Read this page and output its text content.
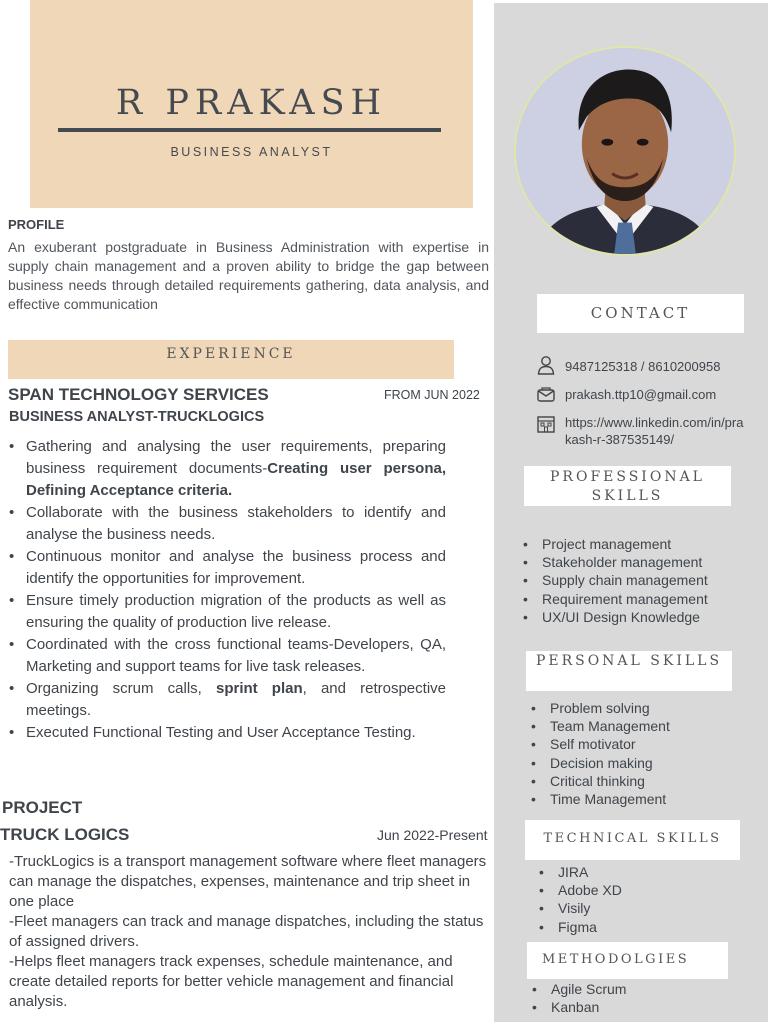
CONTACT
9487125318 / 8610200958
prakash.ttp10@gmail.com
https://www.linkedin.com/in/prakash-r-387535149/
PROFESSIONAL SKILLS
• Project management
• Stakeholder management
• Supply chain management
• Requirement management
• UX/UI Design Knowledge
PERSONAL SKILLS
• Problem solving
• Team Management
• Self motivator
• Decision making
• Critical thinking
• Time Management
TECHNICAL SKILLS
• JIRA
• Adobe XD
• Visily
• Figma
METHODOLGIES
• Agile Scrum
• Kanban
R PRAKASH
BUSINESS ANALYST
PROFILE
An exuberant postgraduate in Business Administration with expertise in supply chain management and a proven ability to bridge the gap between business needs through detailed requirements gathering, data analysis, and effective communication
EXPERIENCE
SPAN TECHNOLOGY SERVICES	FROM JUN 2022
BUSINESS ANALYST-TRUCKLOGICS
• Gathering and analysing the user requirements, preparing business requirement documents-Creating user persona, Defining Acceptance criteria.
• Collaborate with the business stakeholders to identify and analyse the business needs.
• Continuous monitor and analyse the business process and identify the opportunities for improvement.
• Ensure timely production migration of the products as well as ensuring the quality of production live release.
• Coordinated with the cross functional teams-Developers, QA, Marketing and support teams for live task releases.
• Organizing scrum calls, sprint plan, and retrospective meetings.
• Executed Functional Testing and User Acceptance Testing.
PROJECT
TRUCK LOGICS	Jun 2022-Present
-TruckLogics is a transport management software where fleet managers can manage the dispatches, expenses, maintenance and trip sheet in one place
-Fleet managers can track and manage dispatches, including the status of assigned drivers.
-Helps fleet managers track expenses, schedule maintenance, and create detailed reports for better vehicle management and financial analysis.
